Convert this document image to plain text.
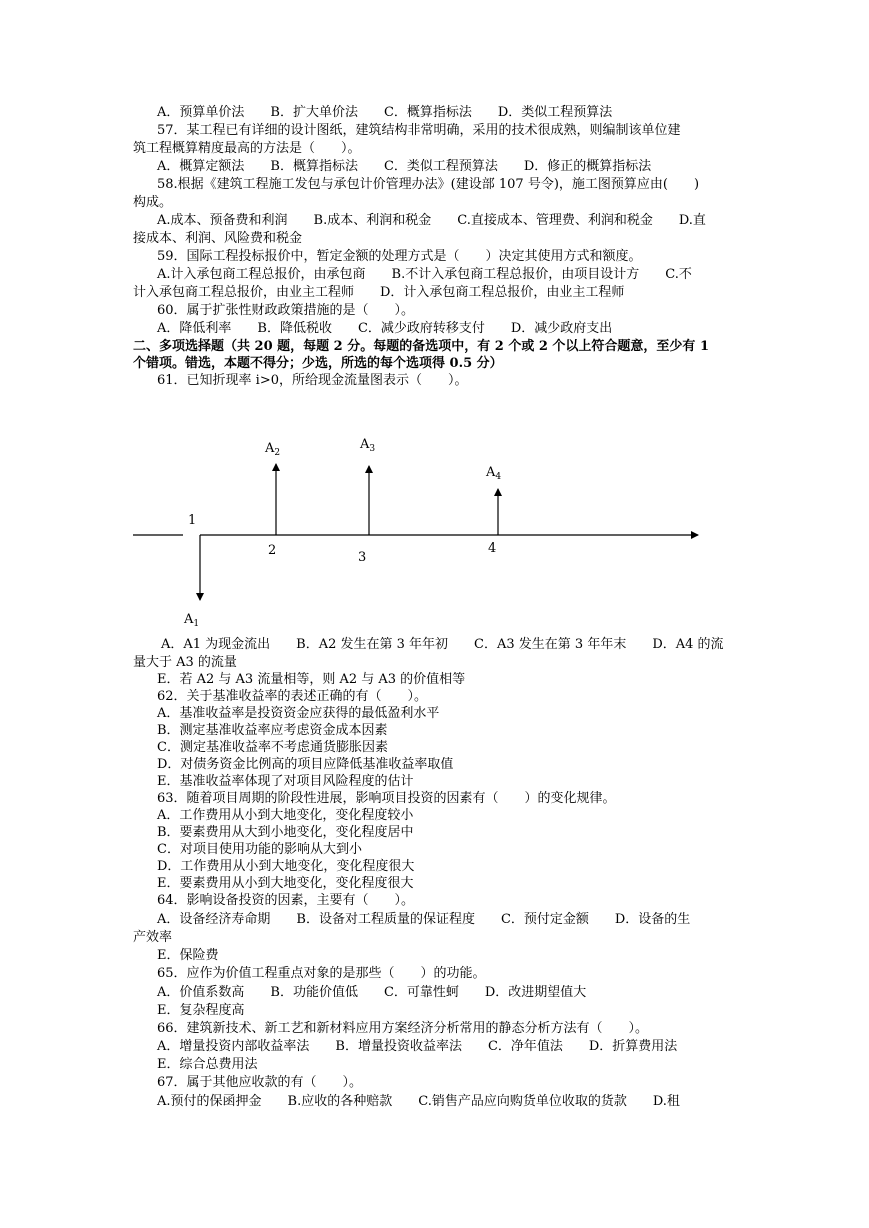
A．预算单价法　　B．扩大单价法　　C．概算指标法　　D．类似工程预算法
57．某工程已有详细的设计图纸，建筑结构非常明确，采用的技术很成熟，则编制该单位建
筑工程概算精度最高的方法是（　　）。
A．概算定额法　　B．概算指标法　　C．类似工程预算法　　D．修正的概算指标法
58.根据《建筑工程施工发包与承包计价管理办法》(建设部 107 号令)，施工图预算应由(　　)
构成。
A.成本、预备费和利润　　B.成本、利润和税金　　C.直接成本、管理费、利润和税金　　D.直
接成本、利润、风险费和税金
59．国际工程投标报价中，暂定金额的处理方式是（　　）决定其使用方式和额度。
A.计入承包商工程总报价，由承包商　　B.不计入承包商工程总报价，由项目设计方　　C.不
计入承包商工程总报价，由业主工程师　　D．计入承包商工程总报价，由业主工程师
60．属于扩张性财政政策措施的是（　　）。
A．降低利率　　B．降低税收　　C．减少政府转移支付　　D．减少政府支出
二、多项选择题（共 20 题，每题 2 分。每题的备选项中，有 2 个或 2 个以上符合题意，至少有 1
个错项。错选，本题不得分；少选，所选的每个选项得 0.5 分）
61．已知折现率 i>0，所给现金流量图表示（　　）。
$A_1$
$A_2$
$A_3$
$A_4$
1
2	3
4
A．A1 为现金流出　　B．A2 发生在第 3 年年初　　C．A3 发生在第 3 年年末　　D．A4 的流
量大于 A3 的流量
E．若 A2 与 A3 流量相等，则 A2 与 A3 的价值相等
62．关于基准收益率的表述正确的有（　　）。
A．基准收益率是投资资金应获得的最低盈利水平
B．测定基准收益率应考虑资金成本因素
C．测定基准收益率不考虑通货膨胀因素
D．对债务资金比例高的项目应降低基准收益率取值
E．基准收益率体现了对项目风险程度的估计
63．随着项目周期的阶段性进展，影响项目投资的因素有（　　）的变化规律。
A．工作费用从小到大地变化，变化程度较小
B．要素费用从大到小地变化，变化程度居中
C．对项目使用功能的影响从大到小
D．工作费用从小到大地变化，变化程度很大
E．要素费用从小到大地变化，变化程度很大
64．影响设备投资的因素，主要有（　　）。
A．设备经济寿命期　　B．设备对工程质量的保证程度　　C．预付定金额　　D．设备的生
产效率
E．保险费
65．应作为价值工程重点对象的是那些（　　）的功能。
A．价值系数高　　B．功能价值低　　C．可靠性蚵　　D．改进期望值大
E．复杂程度高
66．建筑新技术、新工艺和新材料应用方案经济分析常用的静态分析方法有（　　）。
A．增量投资内部收益率法　　B．增量投资收益率法　　C．净年值法　　D．折算费用法
E．综合总费用法
67．属于其他应收款的有（　　）。
A.预付的保函押金　　B.应收的各种赔款　　C.销售产品应向购货单位收取的货款　　D.租
